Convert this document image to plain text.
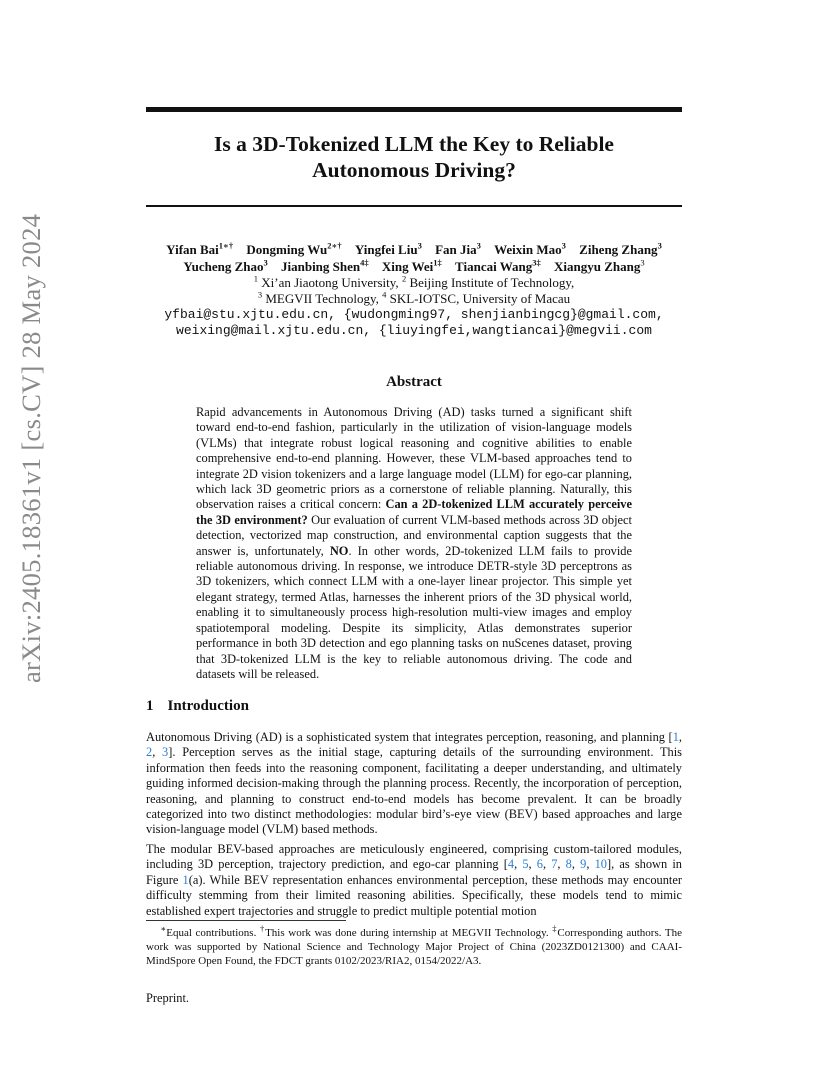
arXiv:2405.18361v1 [cs.CV] 28 May 2024
Is a 3D-Tokenized LLM the Key to Reliable
Autonomous Driving?
Yifan Bai$^{1∗\dagger}$ Dongming $Wu^{2∗\dagger}$ Yingfei Liu$^3$ Fan Jia$^3$ Weixin Mao$^3$ Ziheng Zhang$^3$
Yucheng Zhao$^3$ Jianbing Shen$^{4\ddagger}$ Xing Wei$^{1\ddagger}$ Tiancai Wang$^{3\ddagger}$ Xiangyu Zhang$^3$
$^1$ Xi’an Jiaotong University, $^2$ Beijing Institute of Technology,
$^3$ MEGVII Technology, $^4$ SKL-IOTSC, University of Macau
yfbai@stu.xjtu.edu.cn, {wudongming97, shenjianbingcg}@gmail.com,
weixing@mail.xjtu.edu.cn, {liuyingfei,wangtiancai}@megvii.com
Abstract
Rapid advancements in Autonomous Driving (AD) tasks turned a significant shift toward end-to-end fashion, particularly in the utilization of vision-language models (VLMs) that integrate robust logical reasoning and cognitive abilities to enable comprehensive end-to-end planning. However, these VLM-based approaches tend to integrate 2D vision tokenizers and a large language model (LLM) for ego-car planning, which lack 3D geometric priors as a cornerstone of reliable planning. Naturally, this observation raises a critical concern: Can a 2D-tokenized LLM accurately perceive the 3D environment? Our evaluation of current VLM-based methods across 3D object detection, vectorized map construction, and environmental caption suggests that the answer is, unfortunately, NO. In other words, 2D-tokenized LLM fails to provide reliable autonomous driving. In response, we introduce DETR-style 3D perceptrons as 3D tokenizers, which connect LLM with a one-layer linear projector. This simple yet elegant strategy, termed Atlas, harnesses the inherent priors of the 3D physical world, enabling it to simultaneously process high-resolution multi-view images and employ spatiotemporal modeling. Despite its simplicity, Atlas demonstrates superior performance in both 3D detection and ego planning tasks on nuScenes dataset, proving that 3D-tokenized LLM is the key to reliable autonomous driving. The code and datasets will be released.
1 Introduction
Autonomous Driving (AD) is a sophisticated system that integrates perception, reasoning, and planning [1, 2, 3]. Perception serves as the initial stage, capturing details of the surrounding environment. This information then feeds into the reasoning component, facilitating a deeper understanding, and ultimately guiding informed decision-making through the planning process. Recently, the incorporation of perception, reasoning, and planning to construct end-to-end models has become prevalent. It can be broadly categorized into two distinct methodologies: modular bird’s-eye view (BEV) based approaches and large vision-language model (VLM) based methods.
The modular BEV-based approaches are meticulously engineered, comprising custom-tailored modules, including 3D perception, trajectory prediction, and ego-car planning [4, 5, 6, 7, 8, 9, 10], as shown in Figure 1(a). While BEV representation enhances environmental perception, these methods may encounter difficulty stemming from their limited reasoning abilities. Specifically, these models tend to mimic established expert trajectories and struggle to predict multiple potential motion
∗Equal contributions. †This work was done during internship at MEGVII Technology. ‡Corresponding authors. The work was supported by National Science and Technology Major Project of China (2023ZD0121300) and CAAI-MindSpore Open Found, the FDCT grants 0102/2023/RIA2, 0154/2022/A3.
Preprint.
